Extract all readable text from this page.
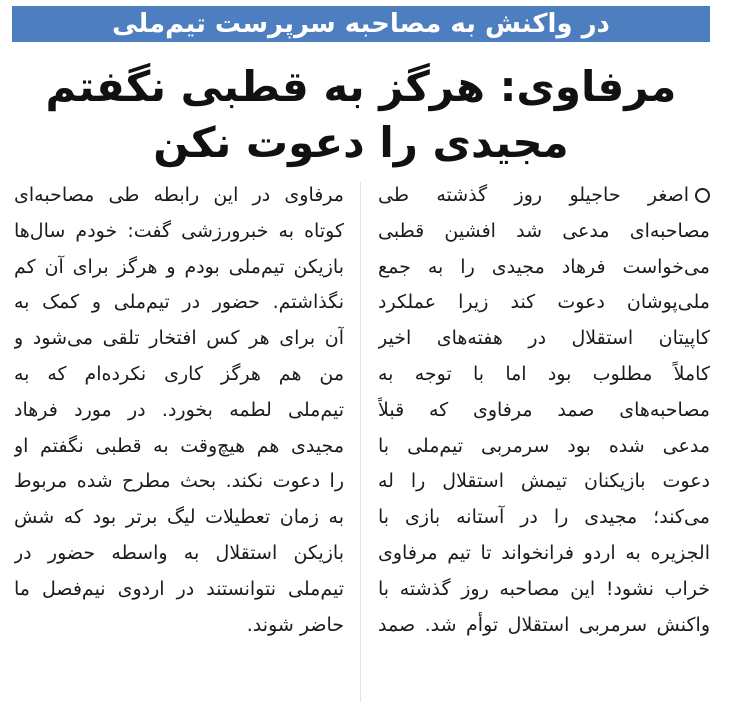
در واکنش به مصاحبه سرپرست تیم‌ملی
مرفاوی: هرگز به قطبی نگفتم
مجیدی را دعوت نکن
اصغر حاجیلو روز گذشته طی
مصاحبه‌ای مدعی شد افشین قطبی
می‌خواست فرهاد مجیدی را به جمع
ملی‌پوشان دعوت کند زیرا عملکرد
کاپیتان استقلال در هفته‌های اخیر
کاملاً مطلوب بود اما با توجه به
مصاحبه‌های صمد مرفاوی که قبلاً
مدعی شده بود سرمربی تیم‌ملی با
دعوت بازیکنان تیمش استقلال را له
می‌کند؛ مجیدی را در آستانه بازی با
الجزیره به اردو فرانخواند تا تیم مرفاوی
خراب نشود! این مصاحبه روز گذشته با
واکنش سرمربی استقلال توأم شد. صمد
مرفاوی در این رابطه طی مصاحبه‌ای
کوتاه به خبرورزشی گفت: خودم سال‌ها
بازیکن تیم‌ملی بودم و هرگز برای آن کم
نگذاشتم. حضور در تیم‌ملی و کمک به
آن برای هر کس افتخار تلقی می‌شود و
من هم هرگز کاری نکرده‌ام که به
تیم‌ملی لطمه بخورد. در مورد فرهاد
مجیدی هم هیچ‌وقت به قطبی نگفتم او
را دعوت نکند. بحث مطرح شده مربوط
به زمان تعطیلات لیگ برتر بود که شش
بازیکن استقلال به واسطه حضور در
تیم‌ملی نتوانستند در اردوی نیم‌فصل ما
حاضر شوند.
